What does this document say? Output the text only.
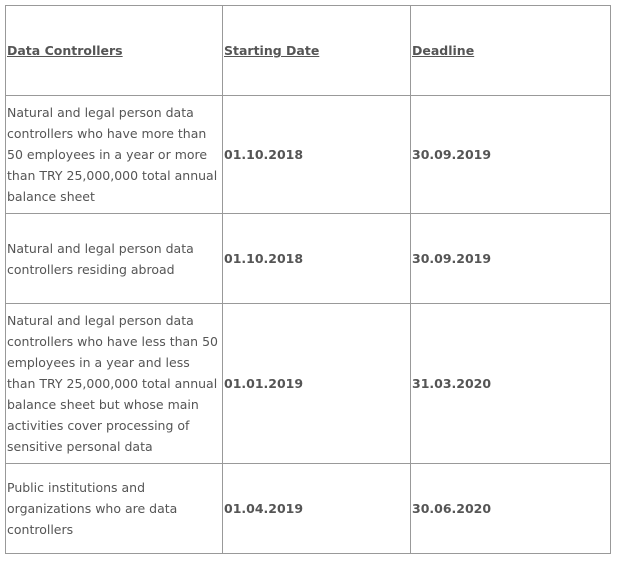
Data Controllers	Starting Date	Deadline
Natural and legal person data controllers who have more than 50 employees in a year or more than TRY 25,000,000 total annual balance sheet	01.10.2018	30.09.2019
Natural and legal person data controllers residing abroad	01.10.2018	30.09.2019
Natural and legal person data controllers who have less than 50 employees in a year and less than TRY 25,000,000 total annual balance sheet but whose main activities cover processing of sensitive personal data	01.01.2019	31.03.2020
Public institutions and organizations who are data controllers	01.04.2019	30.06.2020
